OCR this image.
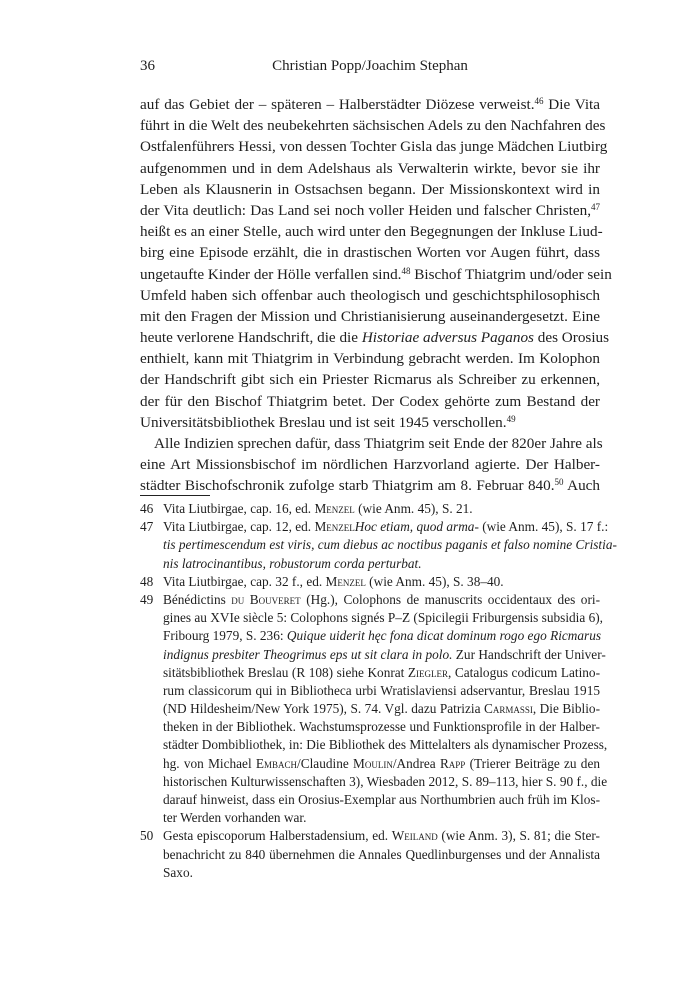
36	Christian Popp/Joachim Stephan

auf das Gebiet der – späteren – Halberstädter Diözese verweist.$^{46}$ Die Vita
führt in die Welt des neubekehrten sächsischen Adels zu den Nachfahren des
Ostfalenführers Hessi, von dessen Tochter Gisla das junge Mädchen Liutbirg
aufgenommen und in dem Adelshaus als Verwalterin wirkte, bevor sie ihr
Leben als Klausnerin in Ostsachsen begann. Der Missionskontext wird in
der Vita deutlich: Das Land sei noch voller Heiden und falscher Christen,$^{47}$
heißt es an einer Stelle, auch wird unter den Begegnungen der Inkluse Liud-
birg eine Episode erzählt, die in drastischen Worten vor Augen führt, dass
ungetaufte Kinder der Hölle verfallen sind.$^{48}$ Bischof Thiatgrim und/oder sein
Umfeld haben sich offenbar auch theologisch und geschichtsphilosophisch
mit den Fragen der Mission und Christianisierung auseinandergesetzt. Eine
heute verlorene Handschrift, die die Historiae adversus Paganos des Orosius
enthielt, kann mit Thiatgrim in Verbindung gebracht werden. Im Kolophon
der Handschrift gibt sich ein Priester Ricmarus als Schreiber zu erkennen,
der für den Bischof Thiatgrim betet. Der Codex gehörte zum Bestand der
Universitätsbibliothek Breslau und ist seit 1945 verschollen.$^{49}$

Alle Indizien sprechen dafür, dass Thiatgrim seit Ende der 820er Jahre als
eine Art Missionsbischof im nördlichen Harzvorland agierte. Der Halber-
städter Bischofschronik zufolge starb Thiatgrim am 8. Februar 840.50 Auch

46 Vita Liutbirgae, cap. 16, ed. Menzel (wie Anm. 45), S. 21.
47 Vita Liutbirgae, cap. 12, ed. MenzelHoc etiam, quod arma- (wie Anm. 45), S. 17 f.:
tis pertimescendum est viris, cum diebus ac noctibus paganis et falso nomine Cristia-
nis latrocinantibus, robustorum corda perturbat.
48 Vita Liutbirgae, cap. 32 f., ed. Menzel (wie Anm. 45), S. 38–40.
49 Bénédictins du Bouveret (Hg.), Colophons de manuscrits occidentaux des ori-
gines au XVIe siècle 5: Colophons signés P–Z (Spicilegii Friburgensis subsidia 6),
Fribourg 1979, S. 236: Quique uiderit hęc fona dicat dominum rogo ego Ricmarus
indignus presbiter Theogrimus eps ut sit clara in polo. Zur Handschrift der Univer-
sitätsbibliothek Breslau (R 108) siehe Konrat Ziegler, Catalogus codicum Latino-
rum classicorum qui in Bibliotheca urbi Wratislaviensi adservantur, Breslau 1915
(ND Hildesheim/New York 1975), S. 74. Vgl. dazu Patrizia Carmassi, Die Biblio-
theken in der Bibliothek. Wachstumsprozesse und Funktionsprofile in der Halber-
städter Dombibliothek, in: Die Bibliothek des Mittelalters als dynamischer Prozess,
hg. von Michael Embach/Claudine Moulin/Andrea Rapp (Trierer Beiträge zu den
historischen Kulturwissenschaften 3), Wiesbaden 2012, S. 89–113, hier S. 90 f., die
darauf hinweist, dass ein Orosius-Exemplar aus Northumbrien auch früh im Klos-
ter Werden vorhanden war.
50 Gesta episcoporum Halberstadensium, ed. Weiland (wie Anm. 3), S. 81; die Ster-
benachricht zu 840 übernehmen die Annales Quedlinburgenses und der Annalista
Saxo.
